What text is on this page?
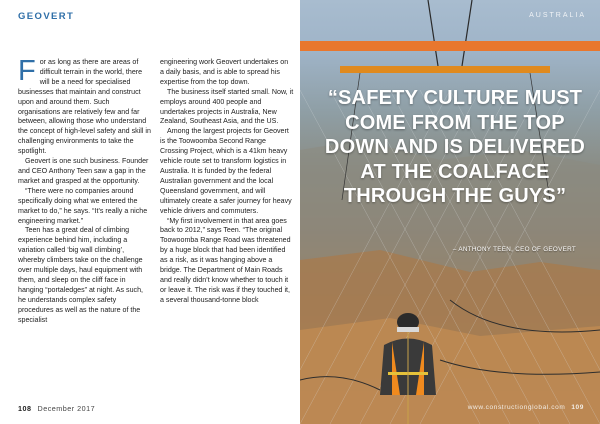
GEOVERT

For as long as there are areas of difficult terrain in the world, there will be a need for specialised businesses that maintain and construct upon and around them. Such organisations are relatively few and far between, allowing those who understand the concept of high-level safety and skill in challenging environments to take the spotlight.

Geovert is one such business. Founder and CEO Anthony Teen saw a gap in the market and grasped at the opportunity.

“There were no companies around specifically doing what we entered the market to do,” he says. “It’s really a niche engineering market.”

Teen has a great deal of climbing experience behind him, including a variation called ‘big wall climbing’, whereby climbers take on the challenge over multiple days, haul equipment with them, and sleep on the cliff face in hanging “portaledges” at night. As such, he understands complex safety procedures as well as the nature of the specialist

engineering work Geovert undertakes on a daily basis, and is able to spread his expertise from the top down.

The business itself started small. Now, it employs around 400 people and undertakes projects in Australia, New Zealand, Southeast Asia, and the US.

Among the largest projects for Geovert is the Toowoomba Second Range Crossing Project, which is a 41km heavy vehicle route set to transform logistics in Australia. It is funded by the federal Australian government and the local Queensland government, and will ultimately create a safer journey for heavy vehicle drivers and commuters.

“My first involvement in that area goes back to 2012,” says Teen. “The original Toowoomba Range Road was threatened by a huge block that had been identified as a risk, as it was hanging above a bridge. The Department of Main Roads and really didn’t know whether to touch it or leave it. The risk was if they touched it, a several thousand-tonne block

108 December 2017
AUSTRALIA
“SAFETY CULTURE MUST COME FROM THE TOP DOWN AND IS DELIVERED AT THE COALFACE THROUGH THE GUYS”
– ANTHONY TEEN, CEO OF GEOVERT
www.constructionglobal.com 109
